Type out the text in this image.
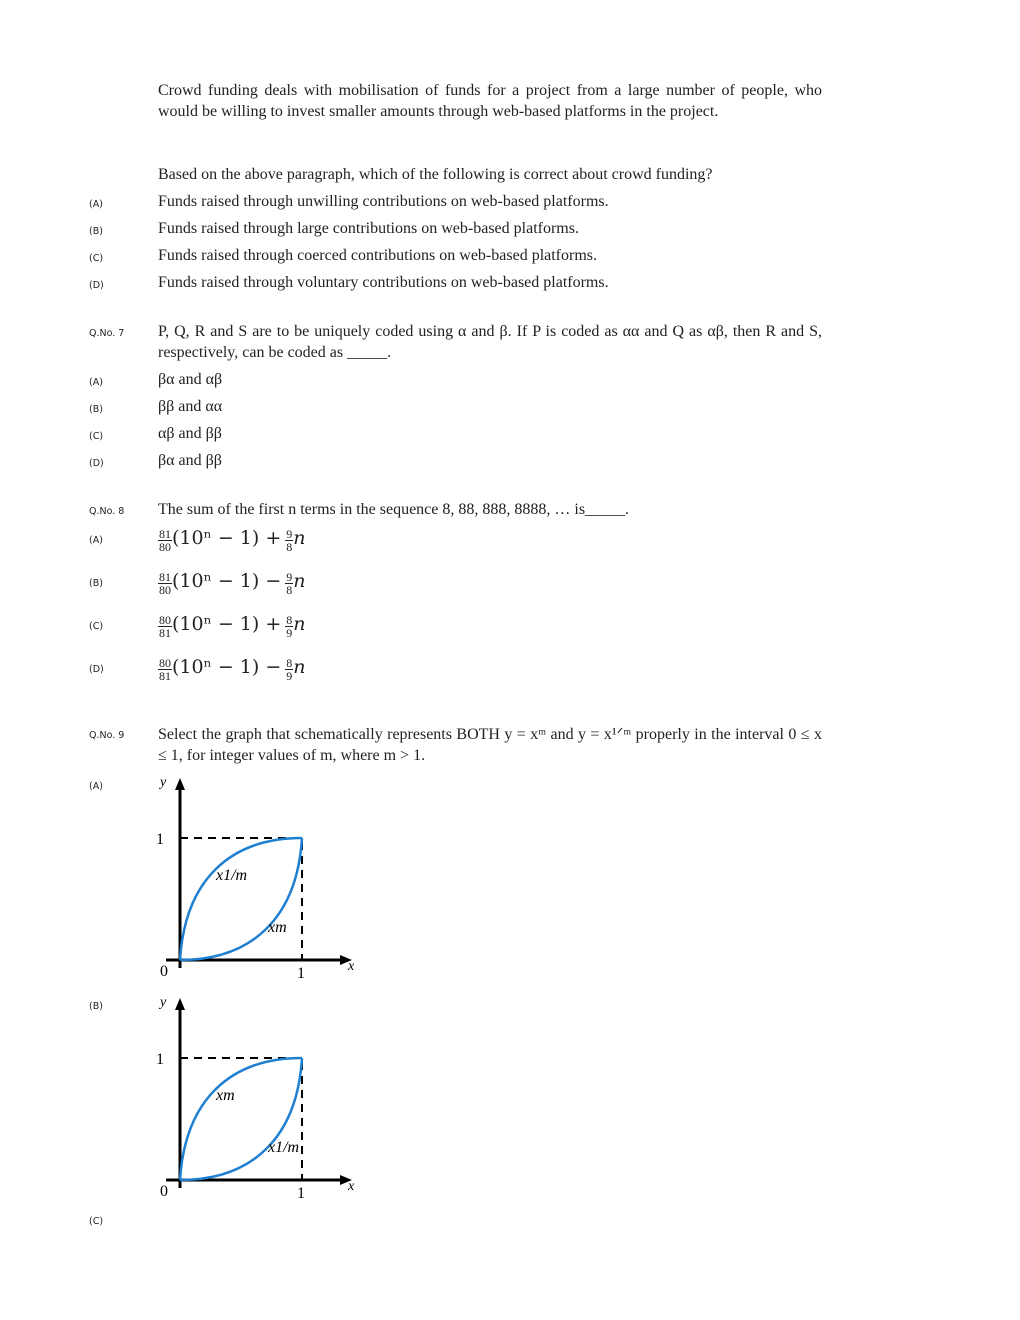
Crowd funding deals with mobilisation of funds for a project from a large number of people, who would be willing to invest smaller amounts through web-based platforms in the project.
Based on the above paragraph, which of the following is correct about crowd funding?
(A)	Funds raised through unwilling contributions on web-based platforms.
(B)	Funds raised through large contributions on web-based platforms.
(C)	Funds raised through coerced contributions on web-based platforms.
(D)	Funds raised through voluntary contributions on web-based platforms.
Q.No. 7 P, Q, R and S are to be uniquely coded using α and β. If P is coded as αα and Q as αβ, then R and S, respectively, can be coded as _____.
(A)	βα and αβ
(B)	ββ and αα
(C)	αβ and ββ
(D)	βα and ββ
Q.No. 8 The sum of the first n terms in the sequence 8, 88, 888, 8888, … is_____.
(A)	$\frac{81}{80} (10^n - 1) + \frac{9}{8}$ n
(B)	$\frac{81}{80} (10^n - 1) - \frac{9}{8}$ n
(C)	$\frac{80}{81} (10^n - 1) + \frac{8}{9}$ n
(D)	$\frac{80}{81} (10^n - 1) - \frac{8}{9}$ n
Q.No. 9 Select the graph that schematically represents BOTH y = xᵐ and y = x¹ᐟᵐ properly in the interval 0 ≤ x ≤ 1, for integer values of m, where m > 1.
(A)
(B)
(C)
y
1
0	1	x
x1/m
xm
y
1
0	1	x
xm
x1/m
